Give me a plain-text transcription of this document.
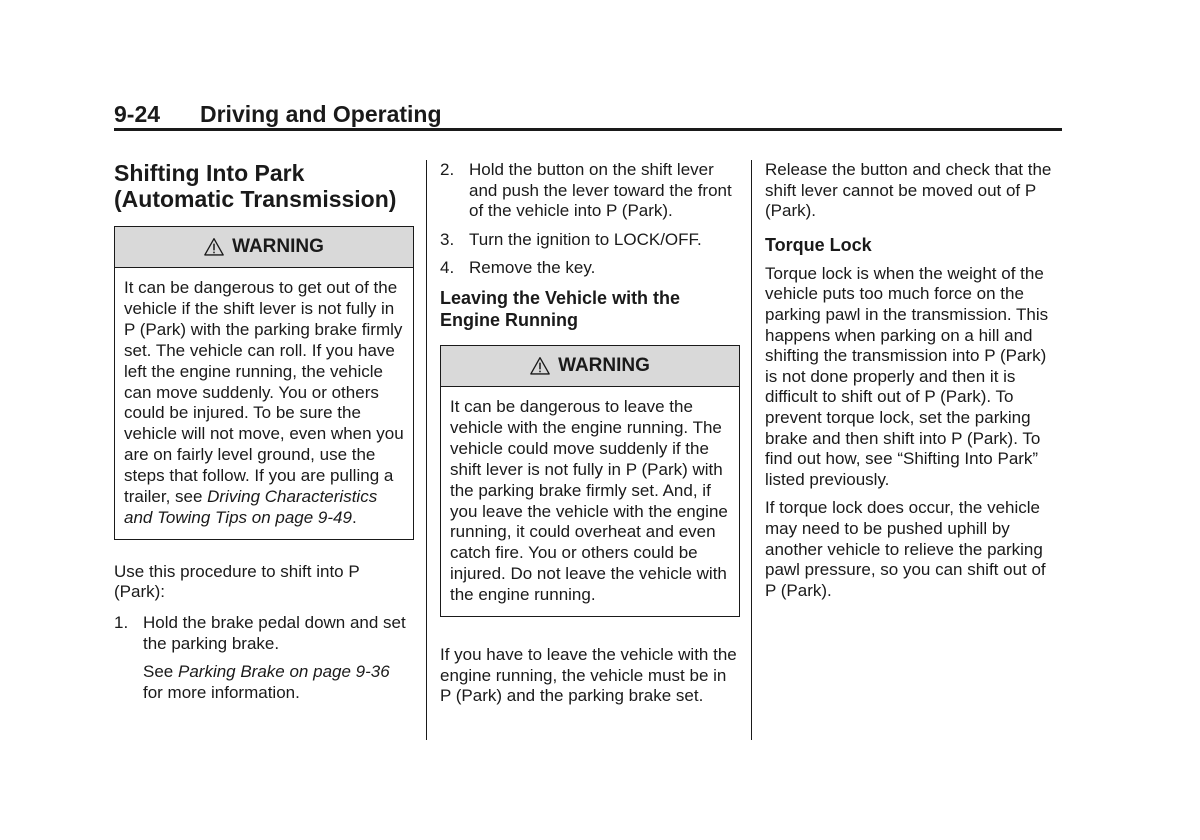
9-24 Driving and Operating
Shifting Into Park
(Automatic Transmission)
WARNING
It can be dangerous to get out of the vehicle if the shift lever is not fully in P (Park) with the parking brake firmly set. The vehicle can roll. If you have left the engine running, the vehicle can move suddenly. You or others could be injured. To be sure the vehicle will not move, even when you are on fairly level ground, use the steps that follow. If you are pulling a trailer, see Driving Characteristics and Towing Tips on page 9-49.

Use this procedure to shift into P (Park):

1. Hold the brake pedal down and set the parking brake.

See Parking Brake on page 9-36 for more information.

2. Hold the button on the shift lever and push the lever toward the front of the vehicle into P (Park).
3. Turn the ignition to LOCK/OFF.
4. Remove the key.
Leaving the Vehicle with the Engine Running
WARNING
It can be dangerous to leave the vehicle with the engine running. The vehicle could move suddenly if the shift lever is not fully in P (Park) with the parking brake firmly set. And, if you leave the vehicle with the engine running, it could overheat and even catch fire. You or others could be injured. Do not leave the vehicle with the engine running.

If you have to leave the vehicle with the engine running, the vehicle must be in P (Park) and the parking brake set.

Release the button and check that the shift lever cannot be moved out of P (Park).

Torque Lock

Torque lock is when the weight of the vehicle puts too much force on the parking pawl in the transmission. This happens when parking on a hill and shifting the transmission into P (Park) is not done properly and then it is difficult to shift out of P (Park). To prevent torque lock, set the parking brake and then shift into P (Park). To find out how, see “Shifting Into Park” listed previously.

If torque lock does occur, the vehicle may need to be pushed uphill by another vehicle to relieve the parking pawl pressure, so you can shift out of P (Park).
